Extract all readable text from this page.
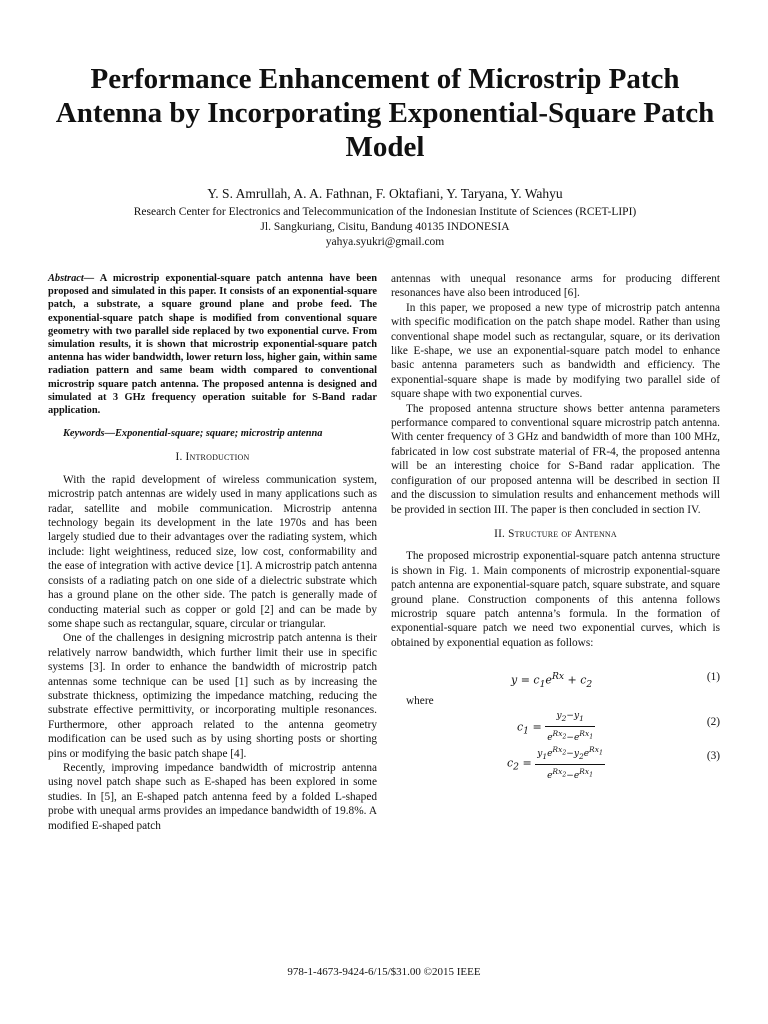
Performance Enhancement of Microstrip Patch Antenna by Incorporating Exponential-Square Patch Model
Y. S. Amrullah, A. A. Fathnan, F. Oktafiani, Y. Taryana, Y. Wahyu
Research Center for Electronics and Telecommunication of the Indonesian Institute of Sciences (RCET-LIPI)
Jl. Sangkuriang, Cisitu, Bandung 40135 INDONESIA
yahya.syukri@gmail.com

Abstract— A microstrip exponential-square patch antenna have been proposed and simulated in this paper. It consists of an exponential-square patch, a substrate, a square ground plane and probe feed. The exponential-square patch shape is modified from conventional square geometry with two parallel side replaced by two exponential curve. From simulation results, it is shown that microstrip exponential-square patch antenna has wider bandwidth, lower return loss, higher gain, within same radiation pattern and same beam width compared to conventional microstrip square patch antenna. The proposed antenna is designed and simulated at 3 GHz frequency operation suitable for S-Band radar application.

Keywords—Exponential-square; square; microstrip antenna

I. Introduction

With the rapid development of wireless communication system, microstrip patch antennas are widely used in many applications such as radar, satellite and mobile communication. Microstrip antenna technology begain its development in the late 1970s and has been largely studied due to their advantages over the radiating system, which include: light weightiness, reduced size, low cost, conformability and the ease of integration with active device [1]. A microstrip patch antenna consists of a radiating patch on one side of a dielectric substrate which has a ground plane on the other side. The patch is generally made of conducting material such as copper or gold [2] and can be made by some shape such as rectangular, square, circular or triangular.

One of the challenges in designing microstrip patch antenna is their relatively narrow bandwidth, which further limit their use in specific systems [3]. In order to enhance the bandwidth of microstrip patch antennas some technique can be used [1] such as by increasing the substrate thickness, optimizing the impedance matching, reducing the substrate effective permittivity, or incorporating multiple resonances. Furthermore, other approach related to the antenna geometry modification can be used such as by using shorting posts or shorting pins or modifying the basic patch shape [4].

Recently, improving impedance bandwidth of microstrip antenna using novel patch shape such as E-shaped has been explored in some studies. In [5], an E-shaped patch antenna feed by a folded L-shaped probe with unequal arms provides an impedance bandwidth of 19.8%. A modified E-shaped patch

antennas with unequal resonance arms for producing different resonances have also been introduced [6].

In this paper, we proposed a new type of microstrip patch antenna with specific modification on the patch shape model. Rather than using conventional shape model such as rectangular, square, or its derivation like E-shape, we use an exponential-square patch model to enhance basic antenna parameters such as bandwidth and efficiency. The exponential-square shape is made by modifying two parallel side of square shape with two exponential curves.

The proposed antenna structure shows better antenna parameters performance compared to conventional square microstrip patch antenna. With center frequency of 3 GHz and bandwidth of more than 100 MHz, fabricated in low cost substrate material of FR-4, the proposed antenna will be an interesting choice for S-Band radar application. The configuration of our proposed antenna will be described in section II and the discussion to simulation results and enhancement methods will be provided in section III. The paper is then concluded in section IV.

II. Structure of Antenna

The proposed microstrip exponential-square patch antenna structure is shown in Fig. 1. Main components of microstrip exponential-square patch antenna are exponential-square patch, square substrate, and square ground plane. Construction components of this antenna follows microstrip square patch antenna’s formula. In the formation of exponential-square patch we need two exponential curves, which is obtained by exponential equation as follows:

$y = c_1e^{Rx} + c_2$
(1)

where

$c_1 = \frac{y_2-y_1}{e^{Rx_2}-e^{Rx_1}}$	(2)
$c_2 = \frac{y_1e^{Rx_2}-y_2e^{Rx_1}}{e^{Rx_2}-e^{Rx_1}}$	(3)
978-1-4673-9424-6/15/$31.00 ©2015 IEEE
